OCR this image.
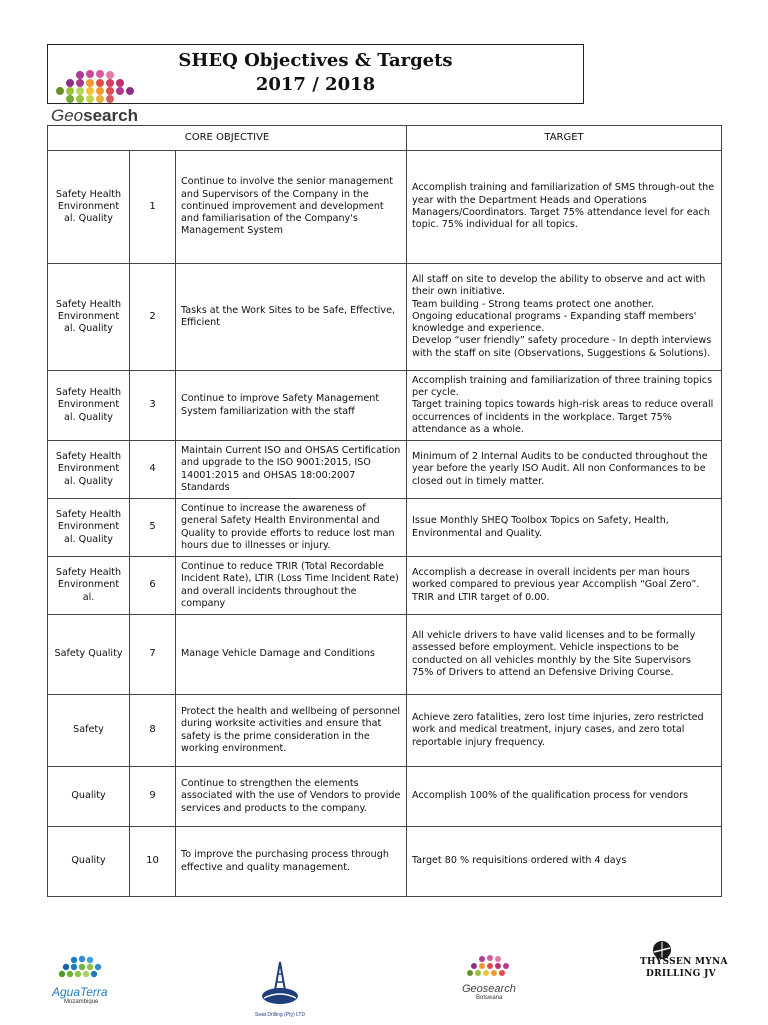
SHEQ Objectives & Targets
2017 / 2018
Geosearch
CORE OBJECTIVE			TARGET
Safety Health Environment al. Quality	1	Continue to involve the senior management and Supervisors of the Company in the continued improvement and development and familiarisation of the Company's Management System	Accomplish training and familiarization of SMS through-out the year with the Department Heads and Operations Managers/Coordinators. Target 75% attendance level for each topic. 75% individual for all topics.
Safety Health Environment al. Quality	2	Tasks at the Work Sites to be Safe, Effective, Efficient	All staff on site to develop the ability to observe and act with their own initiative.
Team building - Strong teams protect one another.
Ongoing educational programs - Expanding staff members' knowledge and experience.
Develop “user friendly” safety procedure - In depth interviews with the staff on site (Observations, Suggestions & Solutions).
Safety Health Environment al. Quality	3	Continue to improve Safety Management System familiarization with the staff	Accomplish training and familiarization of three training topics per cycle.
Target training topics towards high-risk areas to reduce overall occurrences of incidents in the workplace. Target 75% attendance as a whole.
Safety Health Environment al. Quality	4	Maintain Current ISO and OHSAS Certification and upgrade to the ISO 9001:2015, ISO 14001:2015 and OHSAS 18:00:2007 Standards	Minimum of 2 Internal Audits to be conducted throughout the year before the yearly ISO Audit. All non Conformances to be closed out in timely matter.
Safety Health Environment al. Quality	5	Continue to increase the awareness of general Safety Health Environmental and Quality to provide efforts to reduce lost man hours due to illnesses or injury.	Issue Monthly SHEQ Toolbox Topics on Safety, Health, Environmental and Quality.
Safety Health Environment al.	6	Continue to reduce TRIR (Total Recordable Incident Rate), LTIR (Loss Time Incident Rate) and overall incidents throughout the company	Accomplish a decrease in overall incidents per man hours worked compared to previous year Accomplish “Goal Zero”. TRIR and LTIR target of 0.00.
Safety Quality	7	Manage Vehicle Damage and Conditions	All vehicle drivers to have valid licenses and to be formally assessed before employment. Vehicle inspections to be conducted on all vehicles monthly by the Site Supervisors
75% of Drivers to attend an Defensive Driving Course.
Safety	8	Protect the health and wellbeing of personnel during worksite activities and ensure that safety is the prime consideration in the working environment.	Achieve zero fatalities, zero lost time injuries, zero restricted work and medical treatment, injury cases, and zero total reportable injury frequency.
Quality	9	Continue to strengthen the elements associated with the use of Vendors to provide services and products to the company.	Accomplish 100% of the qualification process for vendors
Quality	10	To improve the purchasing process through effective and quality management.	Target 80 % requisitions ordered with 4 days
AguaTerra
Mozambique
Swat Drilling (Pty) LTD
Geosearch
Botswana
THYSSEN MYNA
DRILLING JV
